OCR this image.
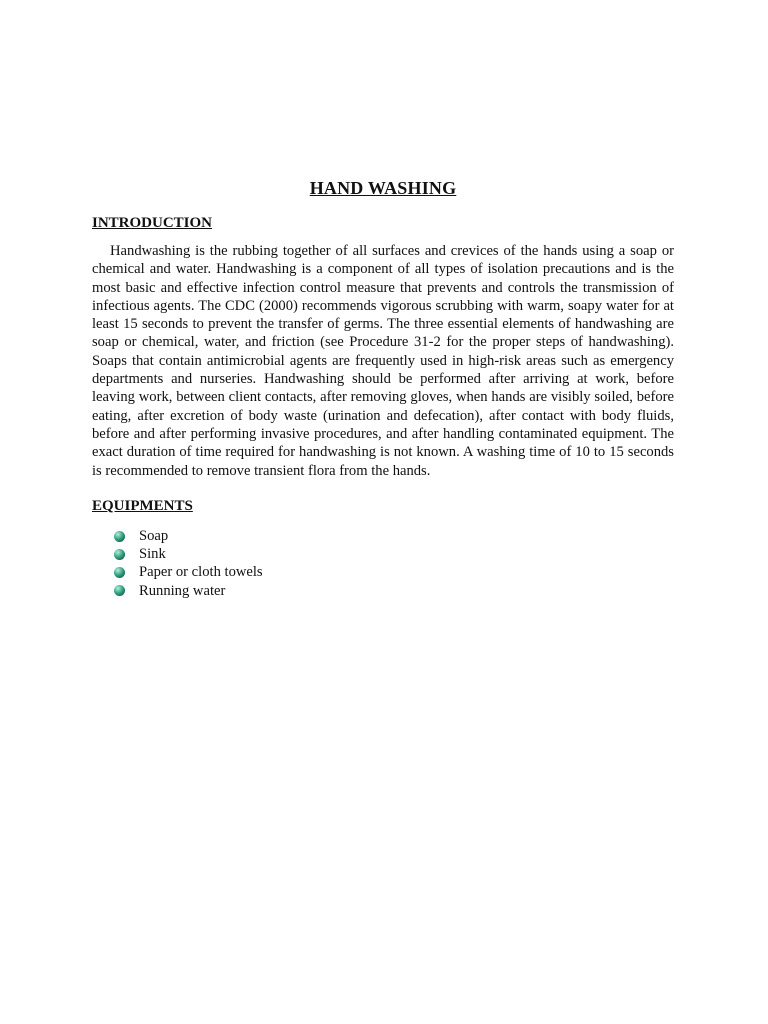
HAND WASHING
INTRODUCTION

Handwashing is the rubbing together of all surfaces and crevices of the hands using a soap or chemical and water. Handwashing is a component of all types of isolation precautions and is the most basic and effective infection control measure that prevents and controls the transmission of infectious agents. The CDC (2000) recommends vigorous scrubbing with warm, soapy water for at least 15 seconds to prevent the transfer of germs. The three essential elements of handwashing are soap or chemical, water, and friction (see Procedure 31-2 for the proper steps of handwashing). Soaps that contain antimicrobial agents are frequently used in high-risk areas such as emergency departments and nurseries. Handwashing should be performed after arriving at work, before leaving work, between client contacts, after removing gloves, when hands are visibly soiled, before eating, after excretion of body waste (urination and defecation), after contact with body fluids, before and after performing invasive procedures, and after handling contaminated equipment. The exact duration of time required for handwashing is not known. A washing time of 10 to 15 seconds is recommended to remove transient flora from the hands.

EQUIPMENTS
Soap
Sink
Paper or cloth towels
Running water
